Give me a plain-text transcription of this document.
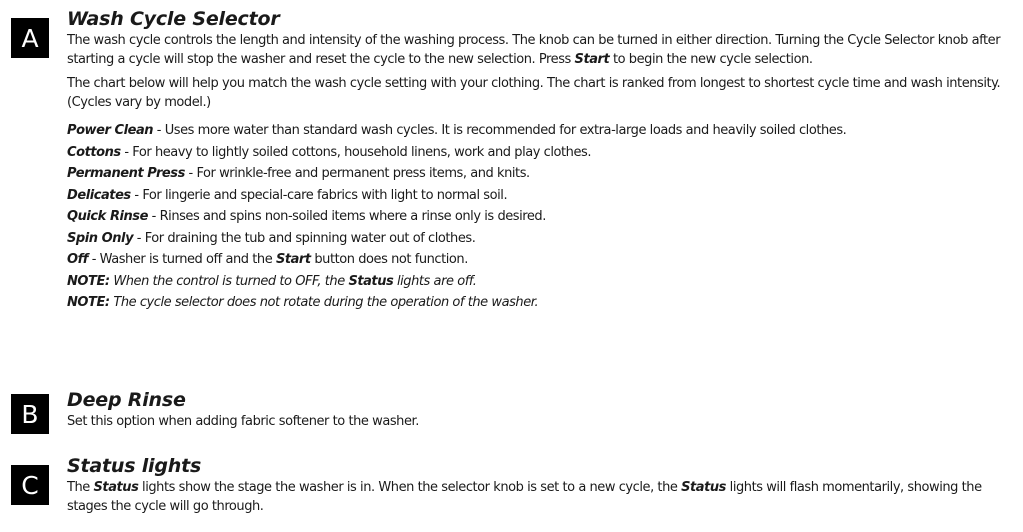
A
Wash Cycle Selector

The wash cycle controls the length and intensity of the washing process. The knob can be turned in either direction. Turning the Cycle Selector knob after starting a cycle will stop the washer and reset the cycle to the new selection. Press Start to begin the new cycle selection.

The chart below will help you match the wash cycle setting with your clothing. The chart is ranked from longest to shortest cycle time and wash intensity. (Cycles vary by model.)

Power Clean - Uses more water than standard wash cycles. It is recommended for extra-large loads and heavily soiled clothes.
Cottons - For heavy to lightly soiled cottons, household linens, work and play clothes.
Permanent Press - For wrinkle-free and permanent press items, and knits.
Delicates - For lingerie and special-care fabrics with light to normal soil.
Quick Rinse - Rinses and spins non-soiled items where a rinse only is desired.
Spin Only - For draining the tub and spinning water out of clothes.
Off - Washer is turned off and the Start button does not function.
NOTE: When the control is turned to OFF, the Status lights are off.
NOTE: The cycle selector does not rotate during the operation of the washer.
B	Deep Rinse

Set this option when adding fabric softener to the washer.

C
Status lights

The Status lights show the stage the washer is in. When the selector knob is set to a new cycle, the Status lights will flash momentarily, showing the stages the cycle will go through.
